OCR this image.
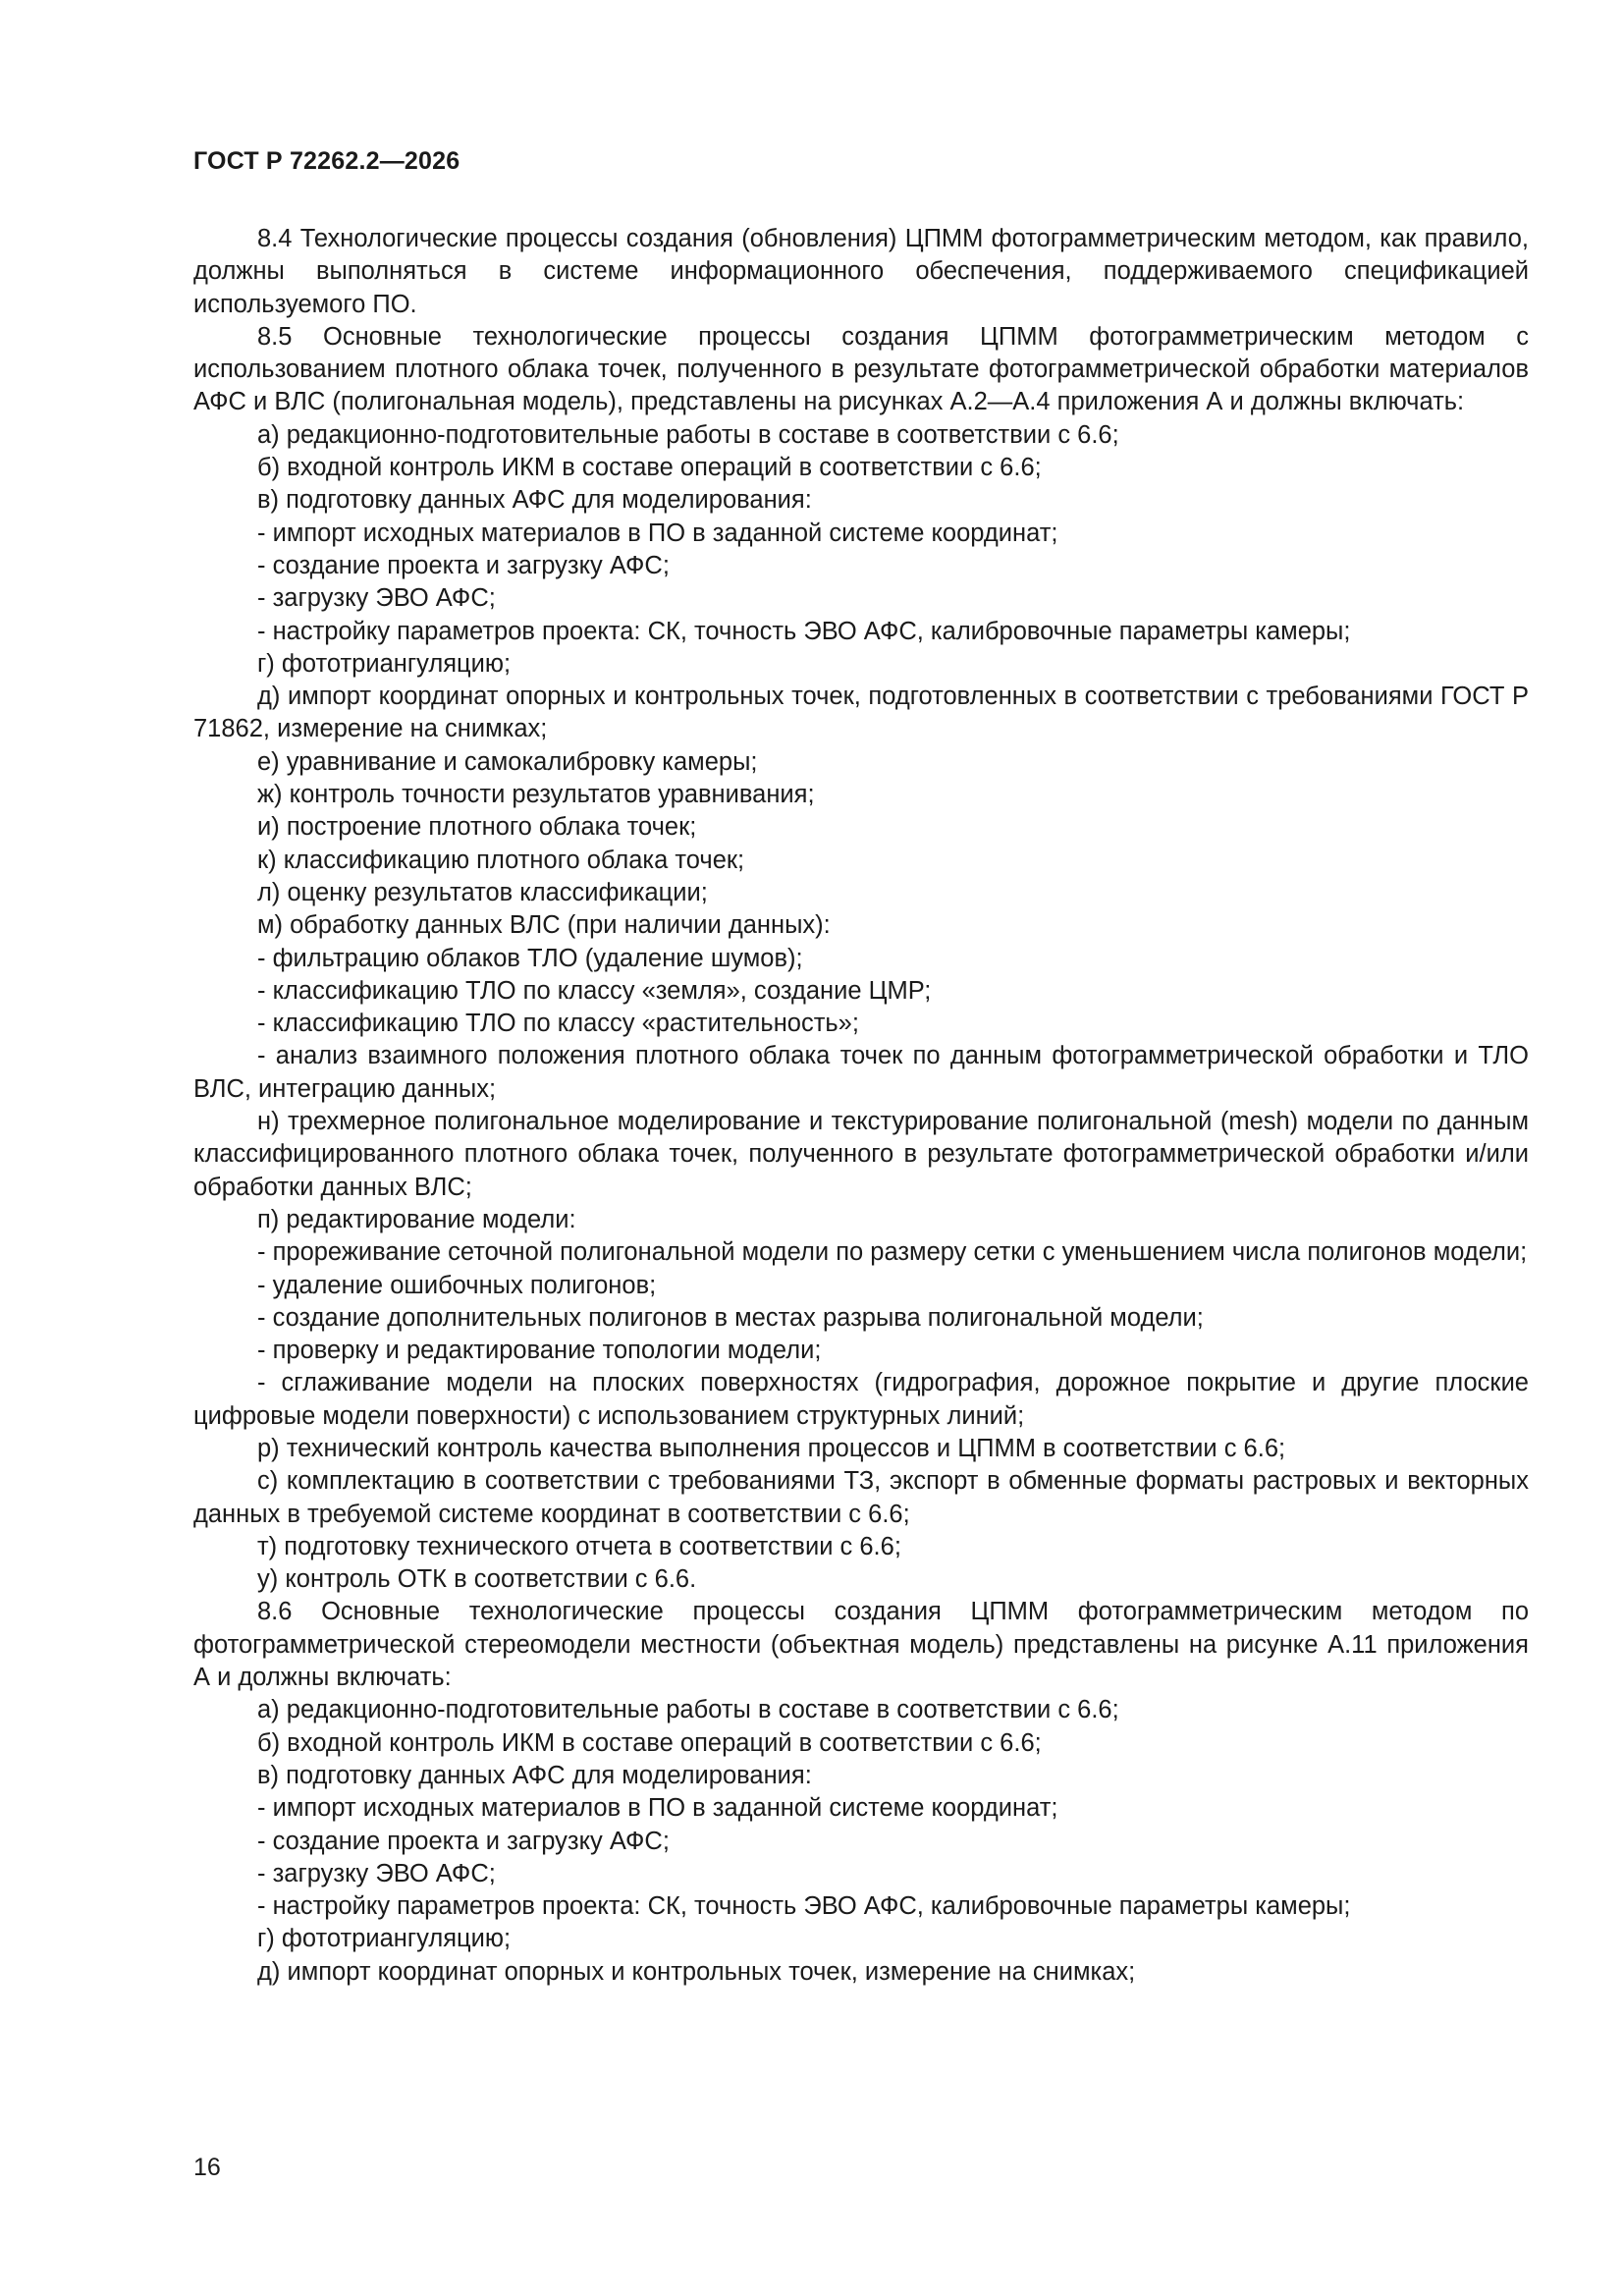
ГОСТ Р 72262.2—2026

8.4 Технологические процессы создания (обновления) ЦПММ фотограмметрическим методом, как правило, должны выполняться в системе информационного обеспечения, поддерживаемого спецификацией используемого ПО.

8.5 Основные технологические процессы создания ЦПММ фотограмметрическим методом с использованием плотного облака точек, полученного в результате фотограмметрической обработки материалов АФС и ВЛС (полигональная модель), представлены на рисунках А.2—А.4 приложения А и должны включать:

а) редакционно-подготовительные работы в составе в соответствии с 6.6;

б) входной контроль ИКМ в составе операций в соответствии с 6.6;

в) подготовку данных АФС для моделирования:

- импорт исходных материалов в ПО в заданной системе координат;

- создание проекта и загрузку АФС;

- загрузку ЭВО АФС;

- настройку параметров проекта: СК, точность ЭВО АФС, калибровочные параметры камеры;

г) фототриангуляцию;

д) импорт координат опорных и контрольных точек, подготовленных в соответствии с требованиями ГОСТ Р 71862, измерение на снимках;

е) уравнивание и самокалибровку камеры;

ж) контроль точности результатов уравнивания;

и) построение плотного облака точек;

к) классификацию плотного облака точек;

л) оценку результатов классификации;

м) обработку данных ВЛС (при наличии данных):

- фильтрацию облаков ТЛО (удаление шумов);

- классификацию ТЛО по классу «земля», создание ЦМР;

- классификацию ТЛО по классу «растительность»;

- анализ взаимного положения плотного облака точек по данным фотограмметрической обработки и ТЛО ВЛС, интеграцию данных;

н) трехмерное полигональное моделирование и текстурирование полигональной (mesh) модели по данным классифицированного плотного облака точек, полученного в результате фотограмметрической обработки и/или обработки данных ВЛС;

п) редактирование модели:

- прореживание сеточной полигональной модели по размеру сетки с уменьшением числа полигонов модели;

- удаление ошибочных полигонов;

- создание дополнительных полигонов в местах разрыва полигональной модели;

- проверку и редактирование топологии модели;

- сглаживание модели на плоских поверхностях (гидрография, дорожное покрытие и другие плоские цифровые модели поверхности) с использованием структурных линий;

р) технический контроль качества выполнения процессов и ЦПММ в соответствии с 6.6;

с) комплектацию в соответствии с требованиями ТЗ, экспорт в обменные форматы растровых и векторных данных в требуемой системе координат в соответствии с 6.6;

т) подготовку технического отчета в соответствии с 6.6;

у) контроль ОТК в соответствии с 6.6.

8.6 Основные технологические процессы создания ЦПММ фотограмметрическим методом по фотограмметрической стереомодели местности (объектная модель) представлены на рисунке А.11 приложения А и должны включать:

а) редакционно-подготовительные работы в составе в соответствии с 6.6;

б) входной контроль ИКМ в составе операций в соответствии с 6.6;

в) подготовку данных АФС для моделирования:

- импорт исходных материалов в ПО в заданной системе координат;

- создание проекта и загрузку АФС;

- загрузку ЭВО АФС;

- настройку параметров проекта: СК, точность ЭВО АФС, калибровочные параметры камеры;

г) фототриангуляцию;

д) импорт координат опорных и контрольных точек, измерение на снимках;

16
